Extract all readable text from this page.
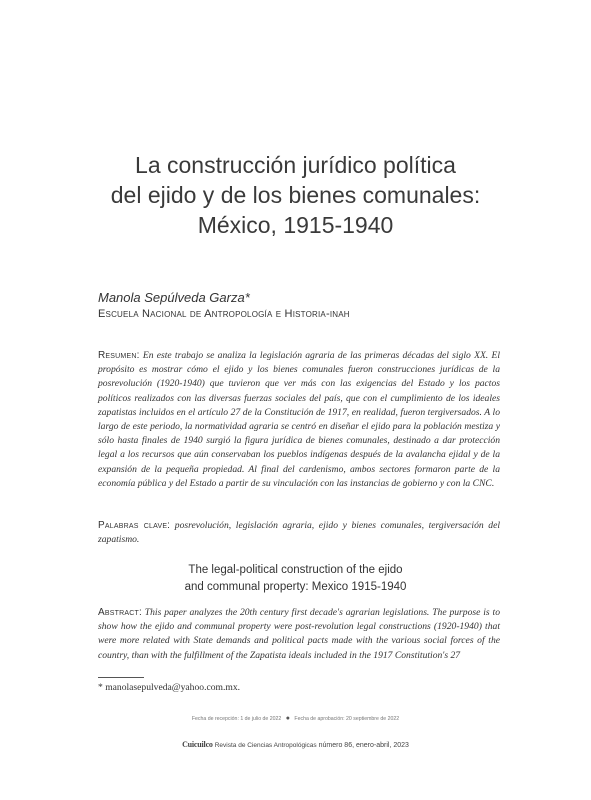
La construcción jurídico política
del ejido y de los bienes comunales:
México, 1915-1940
Manola Sepúlveda Garza*
Escuela Nacional de Antropología e Historia-inah
Resumen: En este trabajo se analiza la legislación agraria de las primeras décadas del siglo XX. El propósito es mostrar cómo el ejido y los bienes comunales fueron construcciones jurídicas de la posrevolución (1920-1940) que tuvieron que ver más con las exigencias del Estado y los pactos políticos realizados con las diversas fuerzas sociales del país, que con el cumplimiento de los ideales zapatistas incluidos en el artículo 27 de la Constitución de 1917, en realidad, fueron tergiversados. A lo largo de este periodo, la normatividad agraria se centró en diseñar el ejido para la población mestiza y sólo hasta finales de 1940 surgió la figura jurídica de bienes comunales, destinado a dar protección legal a los recursos que aún conservaban los pueblos indígenas después de la avalancha ejidal y de la expansión de la pequeña propiedad. Al final del cardenismo, ambos sectores formaron parte de la economía pública y del Estado a partir de su vinculación con las instancias de gobierno y con la CNC.
Palabras clave: posrevolución, legislación agraria, ejido y bienes comunales, tergiversación del zapatismo.
The legal-political construction of the ejido
and communal property: Mexico 1915-1940
Abstract: This paper analyzes the 20th century first decade's agrarian legislations. The purpose is to show how the ejido and communal property were post-revolution legal constructions (1920-1940) that were more related with State demands and political pacts made with the various social forces of the country, than with the fulfillment of the Zapatista ideals included in the 1917 Constitution's 27
* manolasepulveda@yahoo.com.mx.
Fecha de recepción: 1 de julio de 2022 ● Fecha de aprobación: 20 septiembre de 2022
Cuicuilco Revista de Ciencias Antropológicas número 86, enero-abril, 2023
